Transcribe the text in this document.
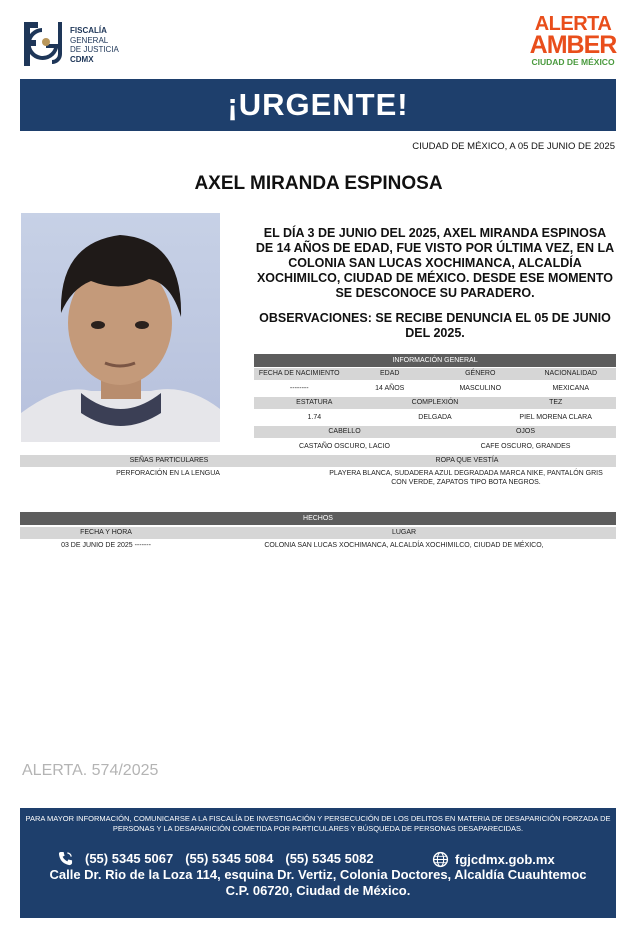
FISCALÍA
GENERAL
DE JUSTICIA
CDMX
ALERTA
AMBER
CIUDAD DE MÉXICO
¡URGENTE!
CIUDAD DE MÉXICO, A 05 DE JUNIO DE 2025
AXEL MIRANDA ESPINOSA
EL DÍA 3 DE JUNIO DEL 2025, AXEL MIRANDA ESPINOSA DE 14 AÑOS DE EDAD, FUE VISTO POR ÚLTIMA VEZ, EN LA COLONIA SAN LUCAS XOCHIMANCA, ALCALDÍA XOCHIMILCO, CIUDAD DE MÉXICO. DESDE ESE MOMENTO SE DESCONOCE SU PARADERO.
OBSERVACIONES: SE RECIBE DENUNCIA EL 05 DE JUNIO DEL 2025.
INFORMACIÓN GENERAL
FECHA DE NACIMIENTO	EDAD	GÉNERO	NACIONALIDAD
--------	14 AÑOS	MASCULINO	MEXICANA
ESTATURA	COMPLEXIÓN	TEZ
1.74	DELGADA	PIEL MORENA CLARA
CABELLO	OJOS
CASTAÑO OSCURO, LACIO	CAFE OSCURO, GRANDES
SEÑAS PARTICULARES	ROPA QUE VESTÍA
PERFORACIÓN EN LA LENGUA	PLAYERA BLANCA, SUDADERA AZUL DEGRADADA MARCA NIKE, PANTALÓN GRIS CON VERDE, ZAPATOS TIPO BOTA NEGROS.
HECHOS
FECHA Y HORA	LUGAR
03 DE JUNIO DE 2025 -------	COLONIA SAN LUCAS XOCHIMANCA, ALCALDÍA XOCHIMILCO, CIUDAD DE MÉXICO,
ALERTA. 574/2025
PARA MAYOR INFORMACIÓN, COMUNICARSE A LA FISCALÍA DE INVESTIGACIÓN Y PERSECUCIÓN DE LOS DELITOS EN MATERIA DE DESAPARICIÓN FORZADA DE PERSONAS Y LA DESAPARICIÓN COMETIDA POR PARTICULARES Y BÚSQUEDA DE PERSONAS DESAPARECIDAS.
(55) 5345 5067 (55) 5345 5084 (55) 5345 5082	fgjcdmx.gob.mx
Calle Dr. Rio de la Loza 114, esquina Dr. Vertiz, Colonia Doctores, Alcaldía Cuauhtemoc
C.P. 06720, Ciudad de México.
